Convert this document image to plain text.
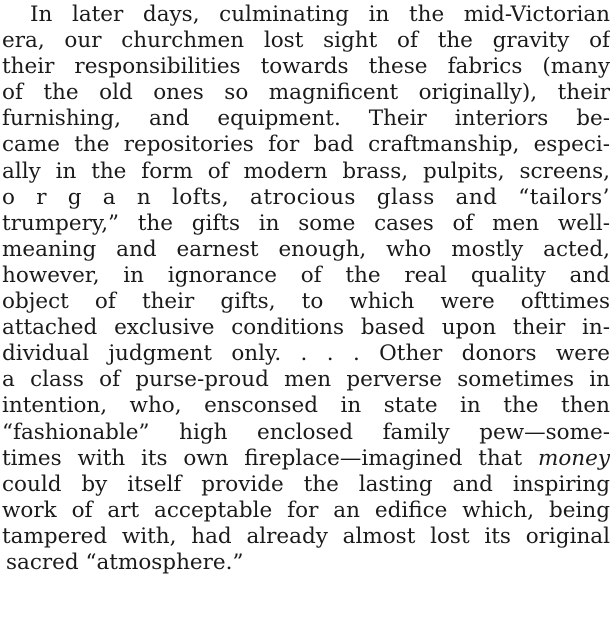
In later days, culminating in the mid-Victorian
era, our churchmen lost sight of the gravity of
their responsibilities towards these fabrics (many
of the old ones so magnificent originally), their
furnishing, and equipment. Their interiors be-
came the repositories for bad craftmanship, especi-
ally in the form of modern brass, pulpits, screens,
o r g a n lofts, atrocious glass and “tailors’
trumpery,” the gifts in some cases of men well-
meaning and earnest enough, who mostly acted,
however, in ignorance of the real quality and
object of their gifts, to which were ofttimes
attached exclusive conditions based upon their in-
dividual judgment only. . . . Other donors were
a class of purse-proud men perverse sometimes in
intention, who, ensconsed in state in the then
“fashionable” high enclosed family pew—some-
times with its own fireplace—imagined that money
could by itself provide the lasting and inspiring
work of art acceptable for an edifice which, being
tampered with, had already almost lost its original
sacred “atmosphere.”
